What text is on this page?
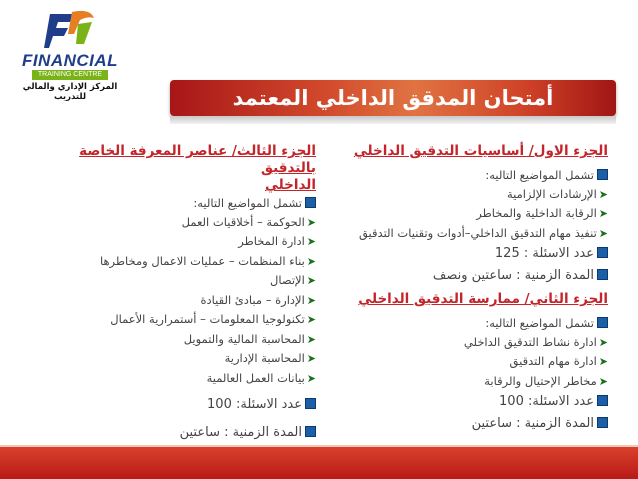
FINANCIAL
TRAINING CENTRE
المركز الإداري والمالي للتدريب	أمتحان المدقق الداخلي المعتمد
الجزء الاول/ أساسيات التدقيق الداخلي
تشمل المواضيع التاليه:
➤الإرشادات الإلزامية
➤الرقابة الداخلية والمخاطر
➤تنفيذ مهام التدقيق الداخلي–أدوات وتقنيات التدقيق
عدد الاسئلة : 125
المدة الزمنية : ساعتين ونصف
الجزء الثاني/ ممارسة التدقيق الداخلي
تشمل المواضيع التاليه:
➤ادارة نشاط التدقيق الداخلي
➤ادارة مهام التدقيق
➤مخاطر الإحتيال والرقابة
عدد الاسئلة: 100
المدة الزمنية : ساعتين
الجزء الثالث/ عناصر المعرفة الخاصة بالتدقيق
الداخلي
تشمل المواضيع التاليه:
➤الحوكمة – أخلاقيات العمل
➤ادارة المخاطر
➤بناء المنظمات – عمليات الاعمال ومخاطرها
➤الإتصال
➤الإدارة – مبادئ القيادة
➤تكنولوجيا المعلومات – أستمرارية الأعمال
➤المحاسبة المالية والتمويل
➤المحاسبة الإدارية
➤بيانات العمل العالمية
عدد الاسئلة: 100
المدة الزمنية : ساعتين
